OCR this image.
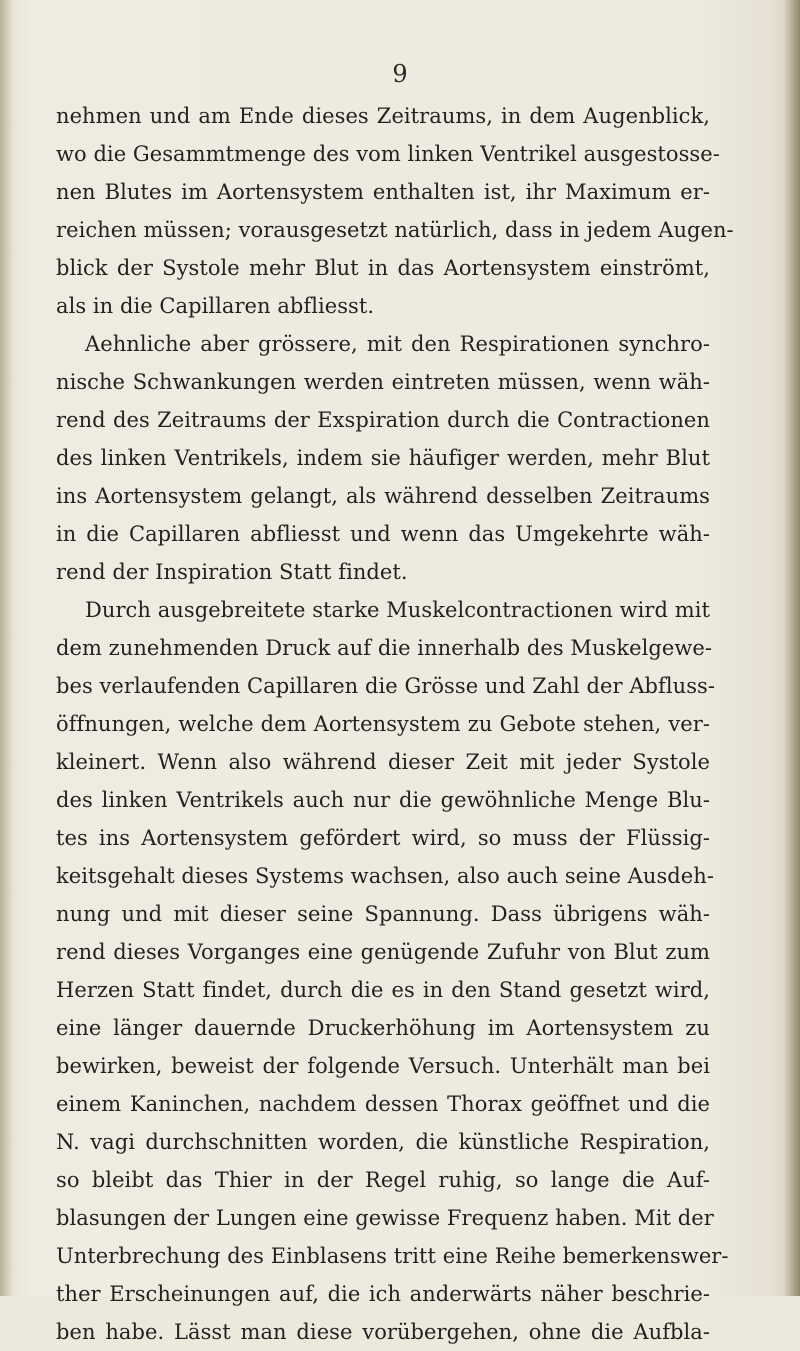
9
nehmen und am Ende dieses Zeitraums, in dem Augenblick,
wo die Gesammtmenge des vom linken Ventrikel ausgestosse-
nen Blutes im Aortensystem enthalten ist, ihr Maximum er-
reichen müssen; vorausgesetzt natürlich, dass in jedem Augen-
blick der Systole mehr Blut in das Aortensystem einströmt,
als in die Capillaren abfliesst.
Aehnliche aber grössere, mit den Respirationen synchro-
nische Schwankungen werden eintreten müssen, wenn wäh-
rend des Zeitraums der Exspiration durch die Contractionen
des linken Ventrikels, indem sie häufiger werden, mehr Blut
ins Aortensystem gelangt, als während desselben Zeitraums
in die Capillaren abfliesst und wenn das Umgekehrte wäh-
rend der Inspiration Statt findet.
Durch ausgebreitete starke Muskelcontractionen wird mit
dem zunehmenden Druck auf die innerhalb des Muskelgewe-
bes verlaufenden Capillaren die Grösse und Zahl der Abfluss-
öffnungen, welche dem Aortensystem zu Gebote stehen, ver-
kleinert. Wenn also während dieser Zeit mit jeder Systole
des linken Ventrikels auch nur die gewöhnliche Menge Blu-
tes ins Aortensystem gefördert wird, so muss der Flüssig-
keitsgehalt dieses Systems wachsen, also auch seine Ausdeh-
nung und mit dieser seine Spannung. Dass übrigens wäh-
rend dieses Vorganges eine genügende Zufuhr von Blut zum
Herzen Statt findet, durch die es in den Stand gesetzt wird,
eine länger dauernde Druckerhöhung im Aortensystem zu
bewirken, beweist der folgende Versuch. Unterhält man bei
einem Kaninchen, nachdem dessen Thorax geöffnet und die
N. vagi durchschnitten worden, die künstliche Respiration,
so bleibt das Thier in der Regel ruhig, so lange die Auf-
blasungen der Lungen eine gewisse Frequenz haben. Mit der
Unterbrechung des Einblasens tritt eine Reihe bemerkenswer-
ther Erscheinungen auf, die ich anderwärts näher beschrie-
ben habe. Lässt man diese vorübergehen, ohne die Aufbla-
